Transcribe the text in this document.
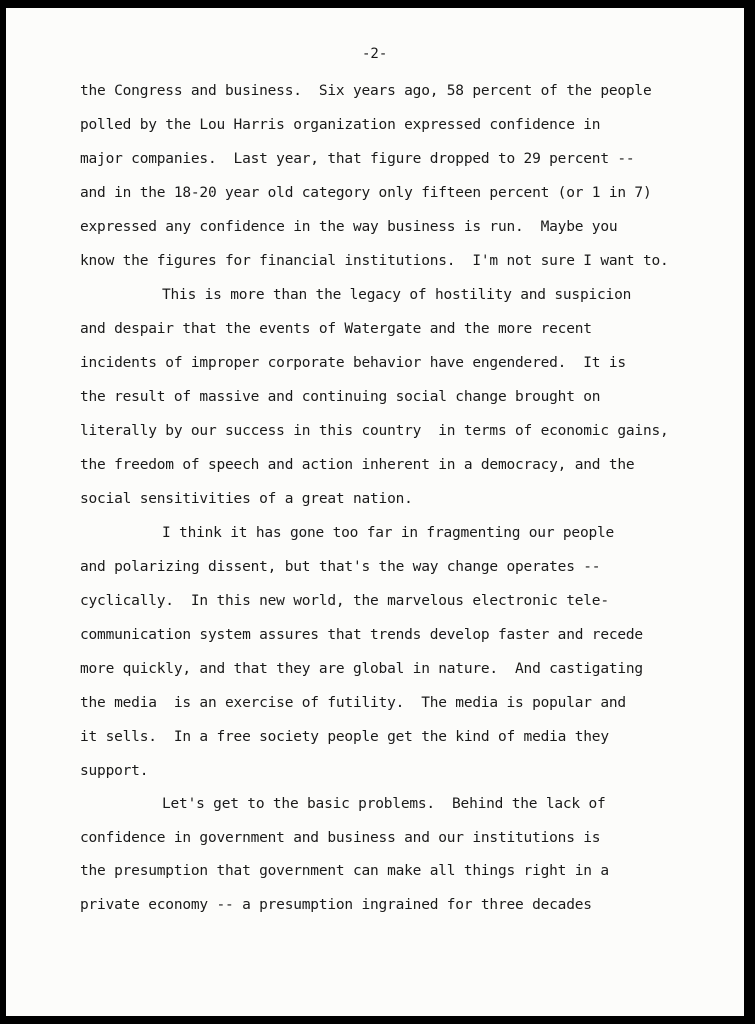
-2-
the Congress and business.  Six years ago, 58 percent of the people
polled by the Lou Harris organization expressed confidence in
major companies.  Last year, that figure dropped to 29 percent --
and in the 18-20 year old category only fifteen percent (or 1 in 7)
expressed any confidence in the way business is run.  Maybe you
know the figures for financial institutions.  I'm not sure I want to.
This is more than the legacy of hostility and suspicion
and despair that the events of Watergate and the more recent
incidents of improper corporate behavior have engendered.  It is
the result of massive and continuing social change brought on
literally by our success in this country  in terms of economic gains,
the freedom of speech and action inherent in a democracy, and the
social sensitivities of a great nation.
I think it has gone too far in fragmenting our people
and polarizing dissent, but that's the way change operates --
cyclically.  In this new world, the marvelous electronic tele-
communication system assures that trends develop faster and recede
more quickly, and that they are global in nature.  And castigating
the media  is an exercise of futility.  The media is popular and
it sells.  In a free society people get the kind of media they
support.
Let's get to the basic problems.  Behind the lack of
confidence in government and business and our institutions is
the presumption that government can make all things right in a
private economy -- a presumption ingrained for three decades
